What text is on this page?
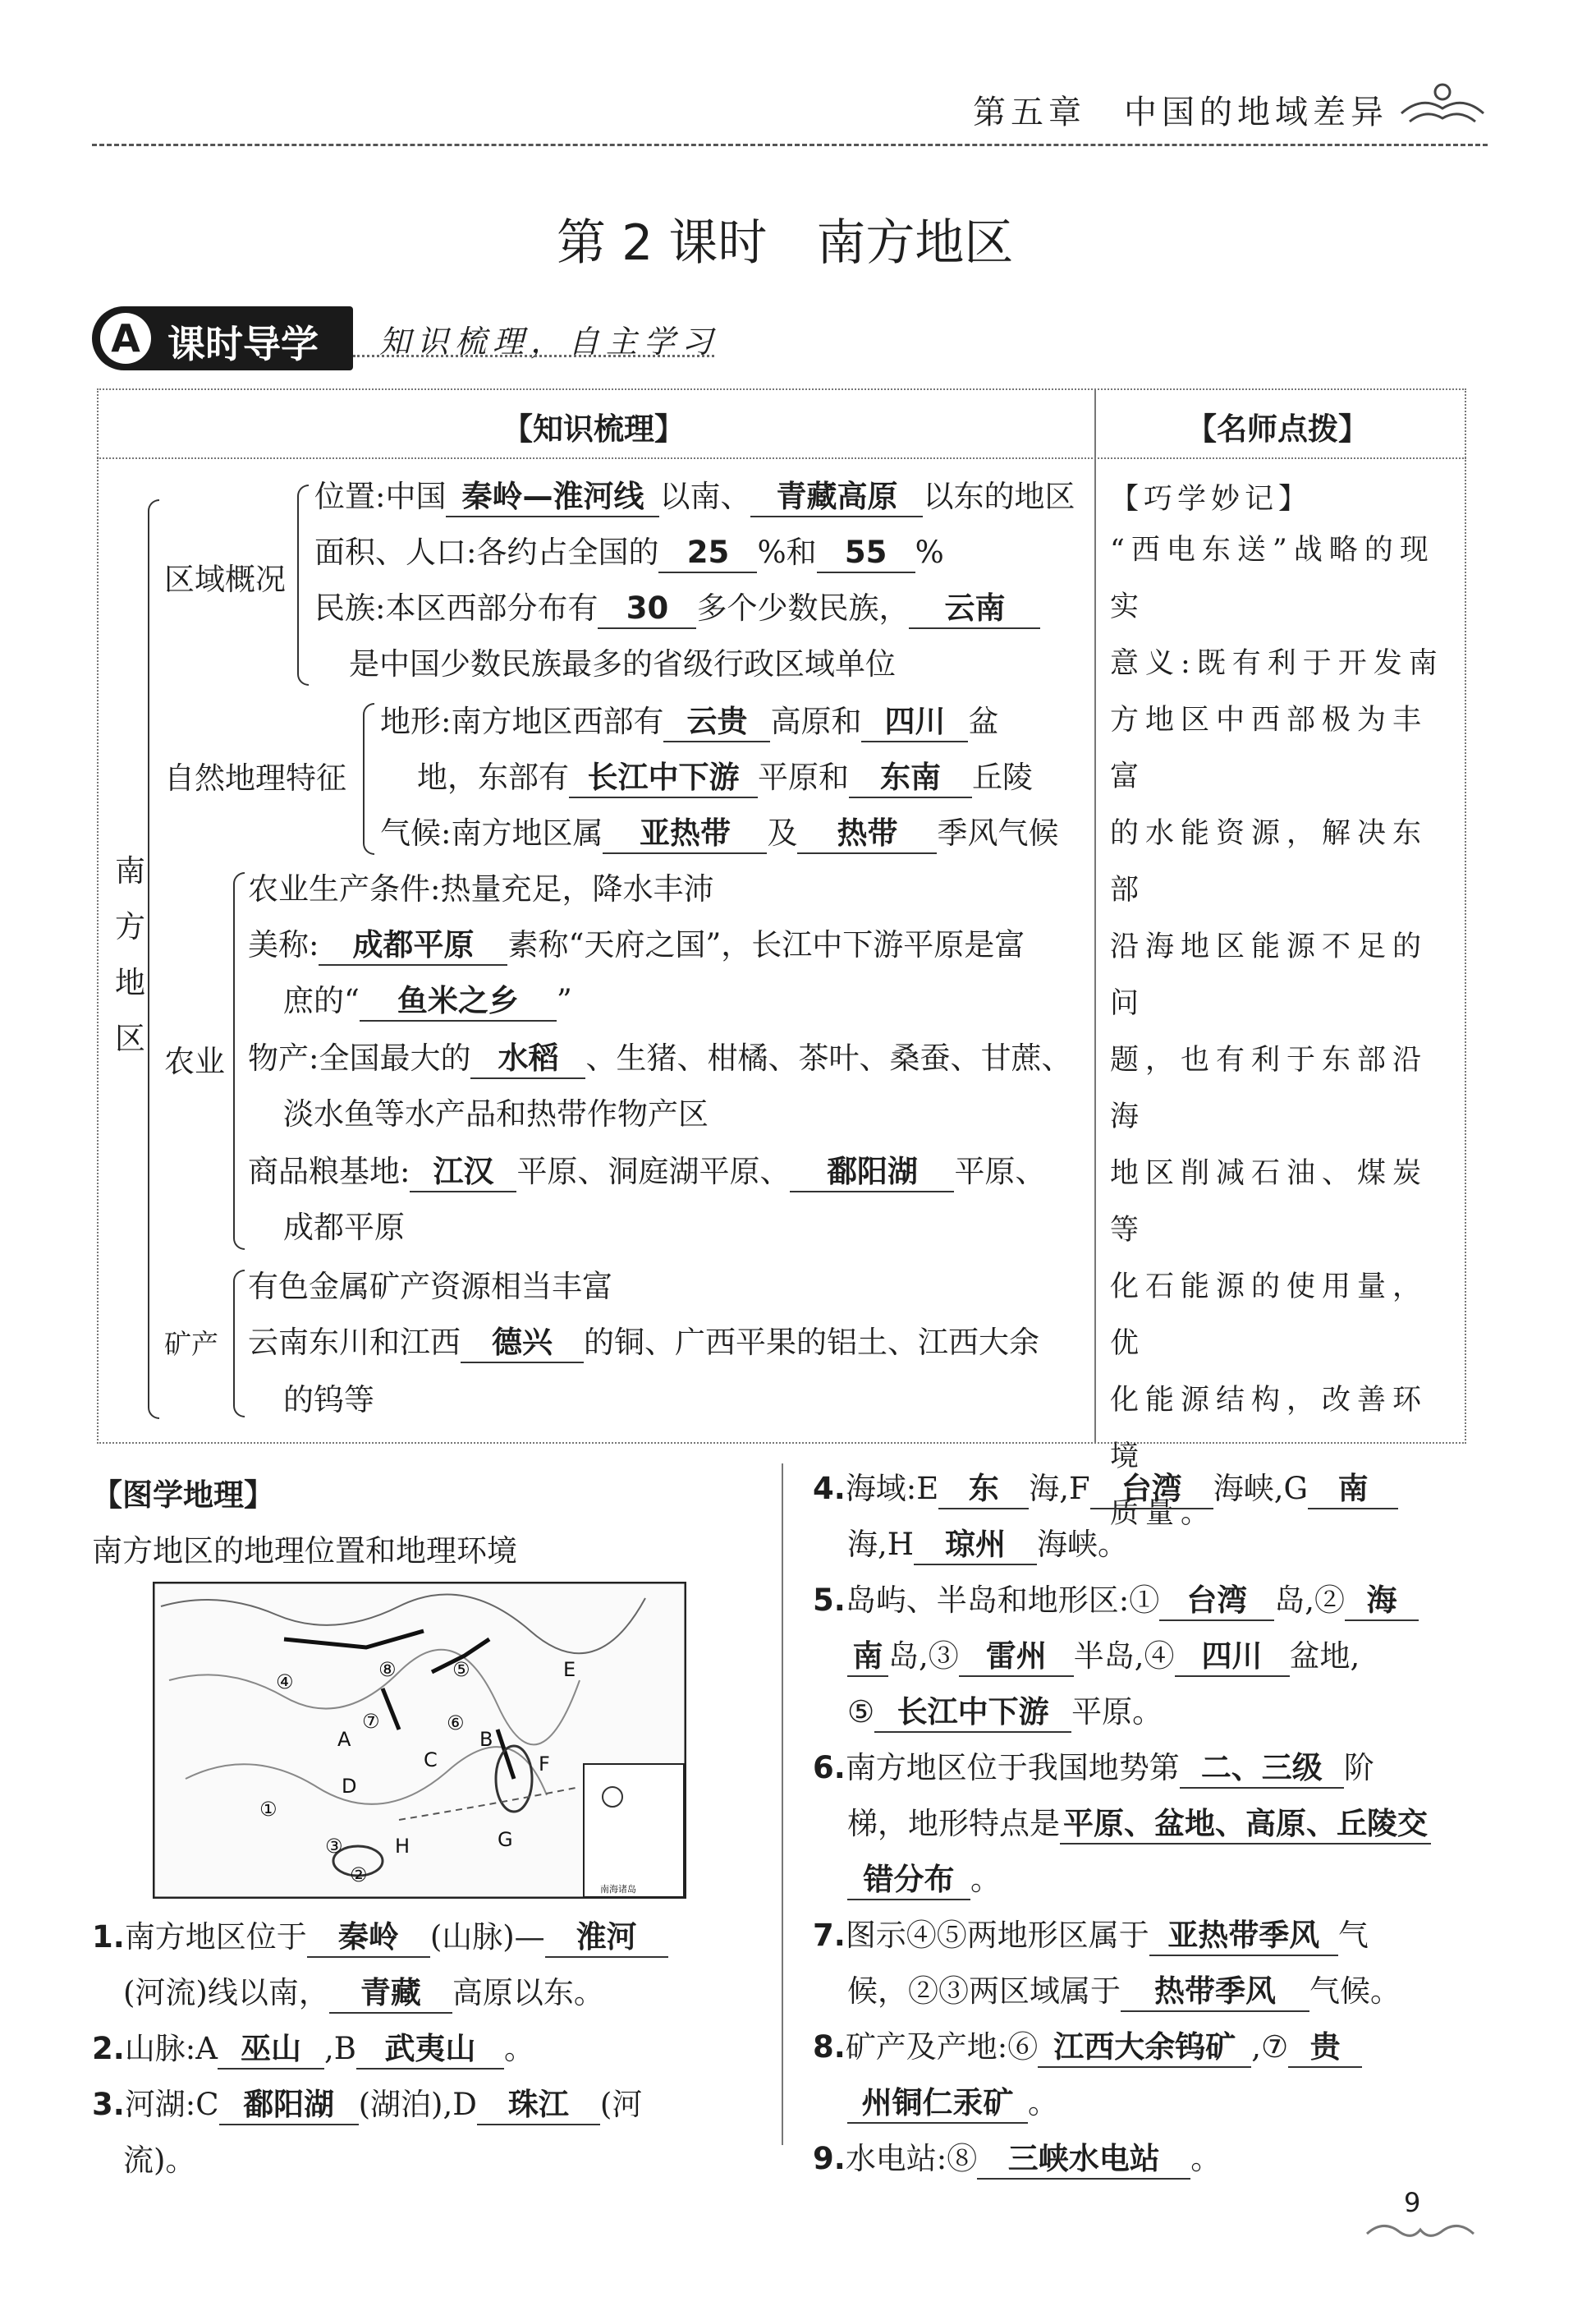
第五章　中国的地域差异
第 2 课时　南方地区
A 课时导学 知识梳理，自主学习
【知识梳理】	【名师点拨】
南
方
地
区
区域概况
位置:中国 秦岭—淮河线 以南、 青藏高原 以东的地区
面积、人口:各约占全国的 25 %和 55 %
民族:本区西部分布有 30 多个少数民族， 云南
是中国少数民族最多的省级行政区域单位
自然地理特征
地形:南方地区西部有 云贵 高原和 四川 盆
地，东部有 长江中下游 平原和 东南 丘陵
气候:南方地区属 亚热带 及 热带 季风气候
农业
农业生产条件:热量充足，降水丰沛
美称: 成都平原 素称“天府之国”，长江中下游平原是富
庶的“ 鱼米之乡 ”
物产:全国最大的 水稻 、生猪、柑橘、茶叶、桑蚕、甘蔗、
淡水鱼等水产品和热带作物产区
商品粮基地: 江汉 平原、洞庭湖平原、 鄱阳湖 平原、
成都平原
矿产
有色金属矿产资源相当丰富
云南东川和江西 德兴 的铜、广西平果的铝土、江西大余
的钨等
【巧学妙记】
“西电东送”战略的现实
意义:既有利于开发南
方地区中西部极为丰富
的水能资源，解决东部
沿海地区能源不足的问
题，也有利于东部沿海
地区削减石油、煤炭等
化石能源的使用量，优
化能源结构，改善环境
质量。
【图学地理】
南方地区的地理位置和地理环境
④
⑧	⑤	E
⑦	⑥
B
A
F
D
C
①
③	H	G
②
南海诸岛
1.南方地区位于 秦岭 (山脉)— 淮河
(河流)线以南， 青藏 高原以东。
2.山脉:A 巫山 ,B 武夷山 。
3.河湖:C 鄱阳湖 (湖泊),D 珠江 (河
流)。
4.海域:E 东 海,F 台湾 海峡,G 南
海,H 琼州 海峡。
5.岛屿、半岛和地形区:① 台湾 岛,② 海
南 岛,③ 雷州 半岛,④ 四川 盆地,
⑤ 长江中下游 平原。
6.南方地区位于我国地势第 二、三级 阶
梯，地形特点是 平原、盆地、高原、丘陵交
错分布 。
7.图示④⑤两地形区属于 亚热带季风 气
候，②③两区域属于 热带季风 气候。
8.矿产及产地:⑥ 江西大余钨矿 ,⑦ 贵
州铜仁汞矿 。
9.水电站:⑧ 三峡水电站 。
9
